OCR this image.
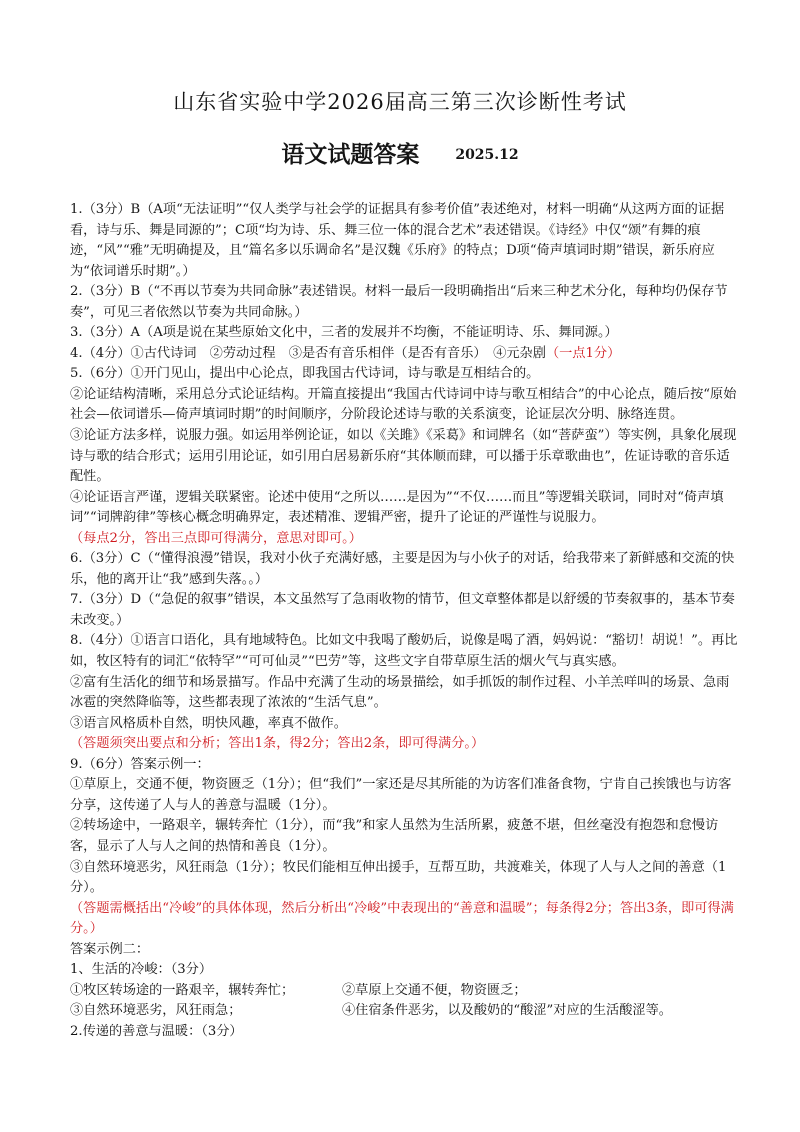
山东省实验中学2026届高三第三次诊断性考试
语文试题答案	2025.12

1.（3分）B（A项“无法证明”“仅人类学与社会学的证据具有参考价值”表述绝对，材料一明确“从这两方面的证据看，诗与乐、舞是同源的”；C项“均为诗、乐、舞三位一体的混合艺术”表述错误。《诗经》中仅“颂”有舞的痕迹，“风”“雅”无明确提及，且“篇名多以乐调命名”是汉魏《乐府》的特点；D项“倚声填词时期”错误，新乐府应为“依词谱乐时期”。）

2.（3分）B（“不再以节奏为共同命脉”表述错误。材料一最后一段明确指出“后来三种艺术分化，每种均仍保存节奏”，可见三者依然以节奏为共同命脉。）

3.（3分）A（A项是说在某些原始文化中，三者的发展并不均衡，不能证明诗、乐、舞同源。）

4.（4分）①古代诗词　②劳动过程　③是否有音乐相伴（是否有音乐）　④元杂剧（一点1分）

5.（6分）①开门见山，提出中心论点，即我国古代诗词，诗与歌是互相结合的。

②论证结构清晰，采用总分式论证结构。开篇直接提出“我国古代诗词中诗与歌互相结合”的中心论点，随后按“原始社会—依词谱乐—倚声填词时期”的时间顺序，分阶段论述诗与歌的关系演变，论证层次分明、脉络连贯。

③论证方法多样，说服力强。如运用举例论证，如以《关雎》《采葛》和词牌名（如“菩萨蛮”）等实例，具象化展现诗与歌的结合形式；运用引用论证，如引用白居易新乐府“其体顺而肆，可以播于乐章歌曲也”，佐证诗歌的音乐适配性。

④论证语言严谨，逻辑关联紧密。论述中使用“之所以……是因为”“不仅……而且”等逻辑关联词，同时对“倚声填词”“词牌韵律”等核心概念明确界定，表述精准、逻辑严密，提升了论证的严谨性与说服力。

（每点2分，答出三点即可得满分，意思对即可。）

6.（3分）C（“懂得浪漫”错误，我对小伙子充满好感，主要是因为与小伙子的对话，给我带来了新鲜感和交流的快乐，他的离开让“我”感到失落。。）

7.（3分）D（“急促的叙事”错误，本文虽然写了急雨收物的情节，但文章整体都是以舒缓的节奏叙事的，基本节奏未改变。）

8.（4分）①语言口语化，具有地域特色。比如文中我喝了酸奶后，说像是喝了酒，妈妈说：“豁切！胡说！”。再比如，牧区特有的词汇“依特罕”“可可仙灵”“巴劳”等，这些文字自带草原生活的烟火气与真实感。

②富有生活化的细节和场景描写。作品中充满了生动的场景描绘，如手抓饭的制作过程、小羊羔咩叫的场景、急雨冰雹的突然降临等，这些都表现了浓浓的“生活气息”。

③语言风格质朴自然，明快风趣，率真不做作。

（答题须突出要点和分析；答出1条，得2分；答出2条，即可得满分。）

9.（6分）答案示例一：

①草原上，交通不便，物资匮乏（1分）；但“我们”一家还是尽其所能的为访客们准备食物，宁肯自己挨饿也与访客分享，这传递了人与人的善意与温暖（1分）。

②转场途中，一路艰辛，辗转奔忙（1分），而“我”和家人虽然为生活所累，疲惫不堪，但丝毫没有抱怨和怠慢访客，显示了人与人之间的热情和善良（1分）。

③自然环境恶劣，风狂雨急（1分）；牧民们能相互伸出援手，互帮互助，共渡难关，体现了人与人之间的善意（1分）。

（答题需概括出“冷峻”的具体体现，然后分析出“冷峻”中表现出的“善意和温暖”；每条得2分；答出3条，即可得满分。）

答案示例二：

1、生活的冷峻：（3分）

①牧区转场途的一路艰辛，辗转奔忙；	②草原上交通不便，物资匮乏；
③自然环境恶劣，风狂雨急；	④住宿条件恶劣，以及酸奶的“酸涩”对应的生活酸涩等。

2.传递的善意与温暖：（3分）
